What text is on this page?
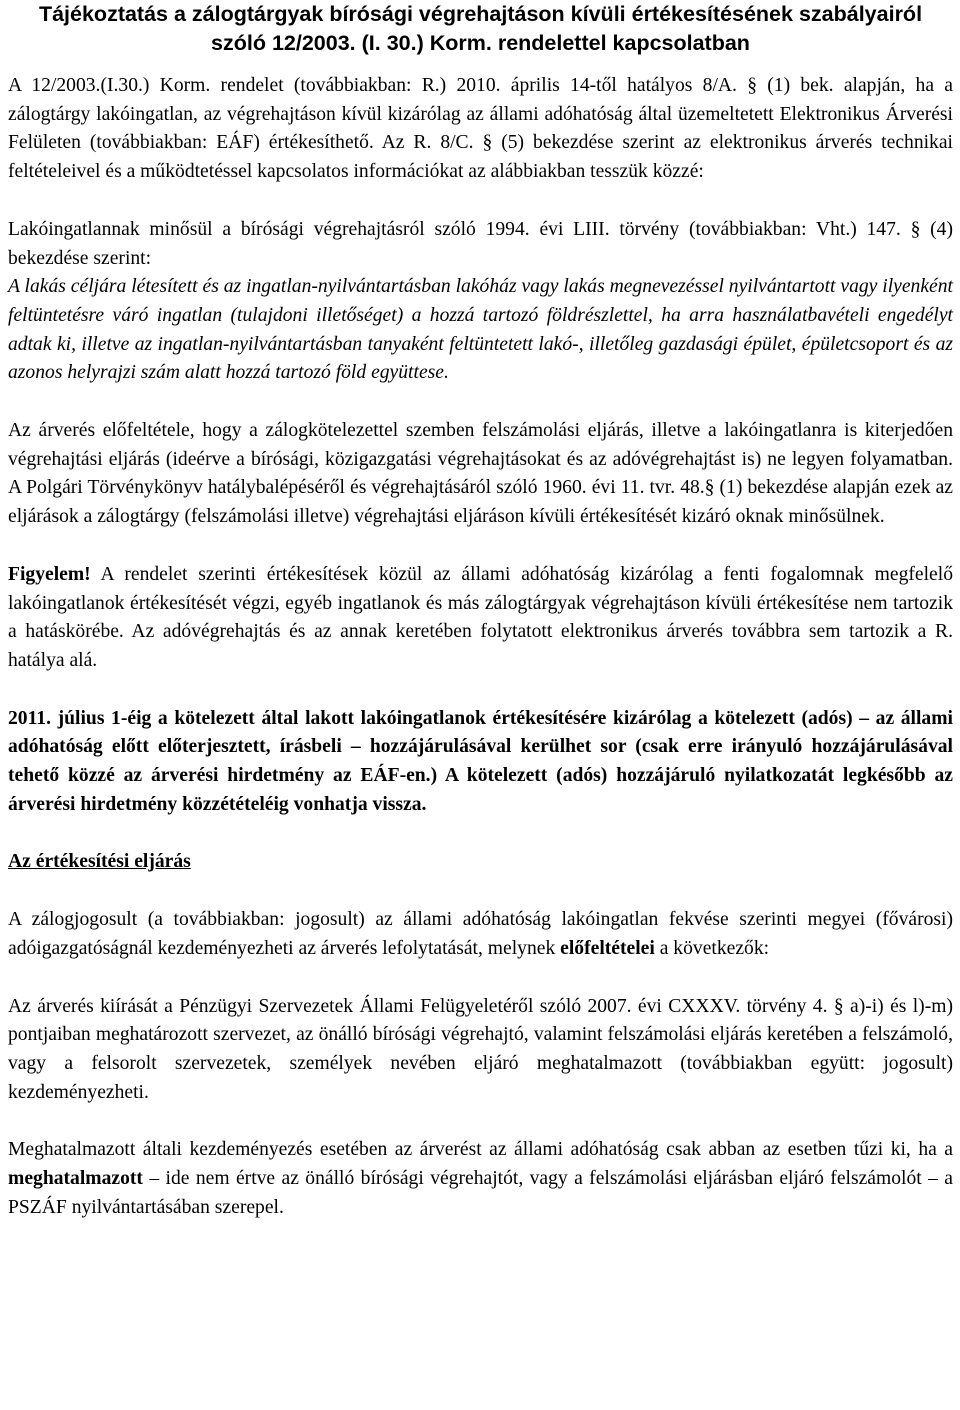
Tájékoztatás a zálogtárgyak bírósági végrehajtáson kívüli értékesítésének szabályairól
szóló 12/2003. (I. 30.) Korm. rendelettel kapcsolatban

A 12/2003.(I.30.) Korm. rendelet (továbbiakban: R.) 2010. április 14-től hatályos 8/A. § (1) bek. alapján, ha a zálogtárgy lakóingatlan, az végrehajtáson kívül kizárólag az állami adóhatóság által üzemeltetett Elektronikus Árverési Felületen (továbbiakban: EÁF) értékesíthető. Az R. 8/C. § (5) bekezdése szerint az elektronikus árverés technikai feltételeivel és a működtetéssel kapcsolatos információkat az alábbiakban tesszük közzé:

Lakóingatlannak minősül a bírósági végrehajtásról szóló 1994. évi LIII. törvény (továbbiakban: Vht.) 147. § (4) bekezdése szerint:

A lakás céljára létesített és az ingatlan-nyilvántartásban lakóház vagy lakás megnevezéssel nyilvántartott vagy ilyenként feltüntetésre váró ingatlan (tulajdoni illetőséget) a hozzá tartozó földrészlettel, ha arra használatbavételi engedélyt adtak ki, illetve az ingatlan-nyilvántartásban tanyaként feltüntetett lakó-, illetőleg gazdasági épület, épületcsoport és az azonos helyrajzi szám alatt hozzá tartozó föld együttese.

Az árverés előfeltétele, hogy a zálogkötelezettel szemben felszámolási eljárás, illetve a lakóingatlanra is kiterjedően végrehajtási eljárás (ideérve a bírósági, közigazgatási végrehajtásokat és az adóvégrehajtást is) ne legyen folyamatban. A Polgári Törvénykönyv hatálybalépéséről és végrehajtásáról szóló 1960. évi 11. tvr. 48.§ (1) bekezdése alapján ezek az eljárások a zálogtárgy (felszámolási illetve) végrehajtási eljáráson kívüli értékesítését kizáró oknak minősülnek.

Figyelem! A rendelet szerinti értékesítések közül az állami adóhatóság kizárólag a fenti fogalomnak megfelelő lakóingatlanok értékesítését végzi, egyéb ingatlanok és más zálogtárgyak végrehajtáson kívüli értékesítése nem tartozik a hatáskörébe. Az adóvégrehajtás és az annak keretében folytatott elektronikus árverés továbbra sem tartozik a R. hatálya alá.

2011. július 1-éig a kötelezett által lakott lakóingatlanok értékesítésére kizárólag a kötelezett (adós) – az állami adóhatóság előtt előterjesztett, írásbeli – hozzájárulásával kerülhet sor (csak erre irányuló hozzájárulásával tehető közzé az árverési hirdetmény az EÁF-en.) A kötelezett (adós) hozzájáruló nyilatkozatát legkésőbb az árverési hirdetmény közzétételéig vonhatja vissza.

Az értékesítési eljárás

A zálogjogosult (a továbbiakban: jogosult) az állami adóhatóság lakóingatlan fekvése szerinti megyei (fővárosi) adóigazgatóságnál kezdeményezheti az árverés lefolytatását, melynek előfeltételei a következők:

Az árverés kiírását a Pénzügyi Szervezetek Állami Felügyeletéről szóló 2007. évi CXXXV. törvény 4. § a)-i) és l)-m) pontjaiban meghatározott szervezet, az önálló bírósági végrehajtó, valamint felszámolási eljárás keretében a felszámoló, vagy a felsorolt szervezetek, személyek nevében eljáró meghatalmazott (továbbiakban együtt: jogosult) kezdeményezheti.

Meghatalmazott általi kezdeményezés esetében az árverést az állami adóhatóság csak abban az esetben tűzi ki, ha a meghatalmazott – ide nem értve az önálló bírósági végrehajtót, vagy a felszámolási eljárásban eljáró felszámolót – a PSZÁF nyilvántartásában szerepel.
